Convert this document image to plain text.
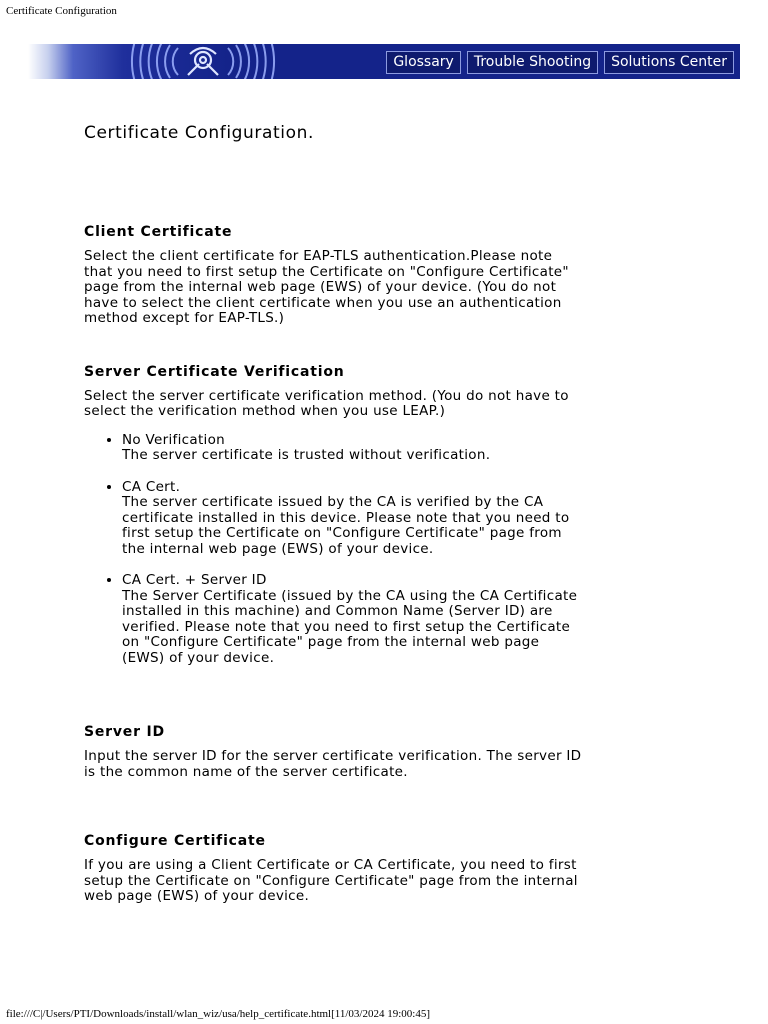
Certificate Configuration
Glossary	Trouble Shooting	Solutions Center
Certificate Configuration.
Client Certificate

Select the client certificate for EAP-TLS authentication.Please note that you need to first setup the Certificate on "Configure Certificate" page from the internal web page (EWS) of your device. (You do not have to select the client certificate when you use an authentication method except for EAP-TLS.)

Server Certificate Verification

Select the server certificate verification method. (You do not have to select the verification method when you use LEAP.)

• No Verification
The server certificate is trusted without verification.
• CA Cert.
The server certificate issued by the CA is verified by the CA certificate installed in this device. Please note that you need to first setup the Certificate on "Configure Certificate" page from the internal web page (EWS) of your device.
• CA Cert. + Server ID
The Server Certificate (issued by the CA using the CA Certificate installed in this machine) and Common Name (Server ID) are verified. Please note that you need to first setup the Certificate on "Configure Certificate" page from the internal web page (EWS) of your device.
Server ID

Input the server ID for the server certificate verification. The server ID is the common name of the server certificate.

Configure Certificate

If you are using a Client Certificate or CA Certificate, you need to first setup the Certificate on "Configure Certificate" page from the internal web page (EWS) of your device.

file:///C|/Users/PTI/Downloads/install/wlan_wiz/usa/help_certificate.html[11/03/2024 19:00:45]
